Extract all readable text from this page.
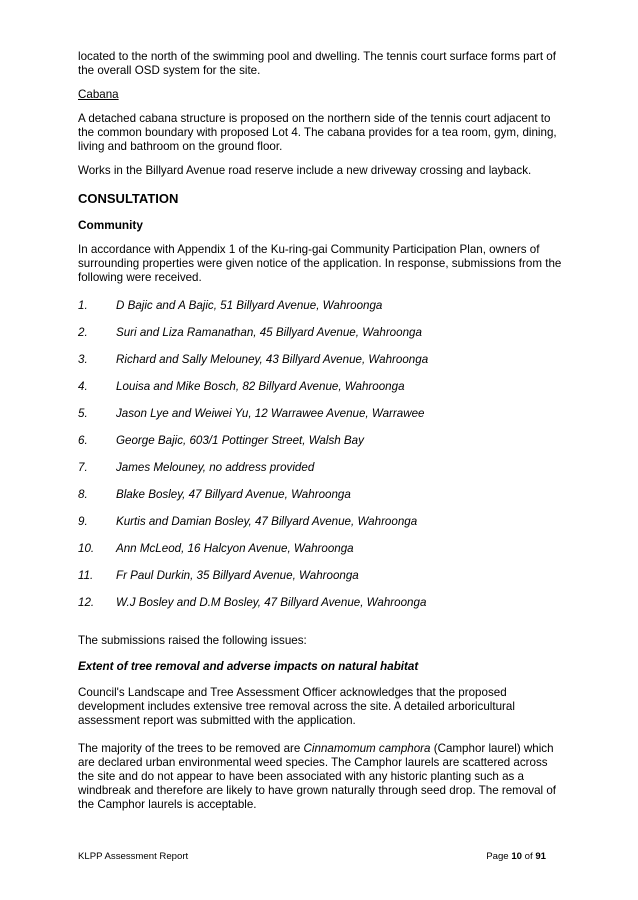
located to the north of the swimming pool and dwelling. The tennis court surface forms part of the overall OSD system for the site.

Cabana

A detached cabana structure is proposed on the northern side of the tennis court adjacent to the common boundary with proposed Lot 4. The cabana provides for a tea room, gym, dining, living and bathroom on the ground floor.

Works in the Billyard Avenue road reserve include a new driveway crossing and layback.

CONSULTATION

Community

In accordance with Appendix 1 of the Ku-ring-gai Community Participation Plan, owners of surrounding properties were given notice of the application. In response, submissions from the following were received.

1.	D Bajic and A Bajic, 51 Billyard Avenue, Wahroonga
2.	Suri and Liza Ramanathan, 45 Billyard Avenue, Wahroonga
3.	Richard and Sally Melouney, 43 Billyard Avenue, Wahroonga
4.	Louisa and Mike Bosch, 82 Billyard Avenue, Wahroonga
5.	Jason Lye and Weiwei Yu, 12 Warrawee Avenue, Warrawee
6.	George Bajic, 603/1 Pottinger Street, Walsh Bay
7.	James Melouney, no address provided
8.	Blake Bosley, 47 Billyard Avenue, Wahroonga
9.	Kurtis and Damian Bosley, 47 Billyard Avenue, Wahroonga
10.	Ann McLeod, 16 Halcyon Avenue, Wahroonga
11.	Fr Paul Durkin, 35 Billyard Avenue, Wahroonga
12.	W.J Bosley and D.M Bosley, 47 Billyard Avenue, Wahroonga

The submissions raised the following issues:

Extent of tree removal and adverse impacts on natural habitat

Council's Landscape and Tree Assessment Officer acknowledges that the proposed development includes extensive tree removal across the site. A detailed arboricultural assessment report was submitted with the application.

The majority of the trees to be removed are Cinnamomum camphora (Camphor laurel) which are declared urban environmental weed species. The Camphor laurels are scattered across the site and do not appear to have been associated with any historic planting such as a windbreak and therefore are likely to have grown naturally through seed drop. The removal of the Camphor laurels is acceptable.

KLPP Assessment Report	Page 10 of 91
